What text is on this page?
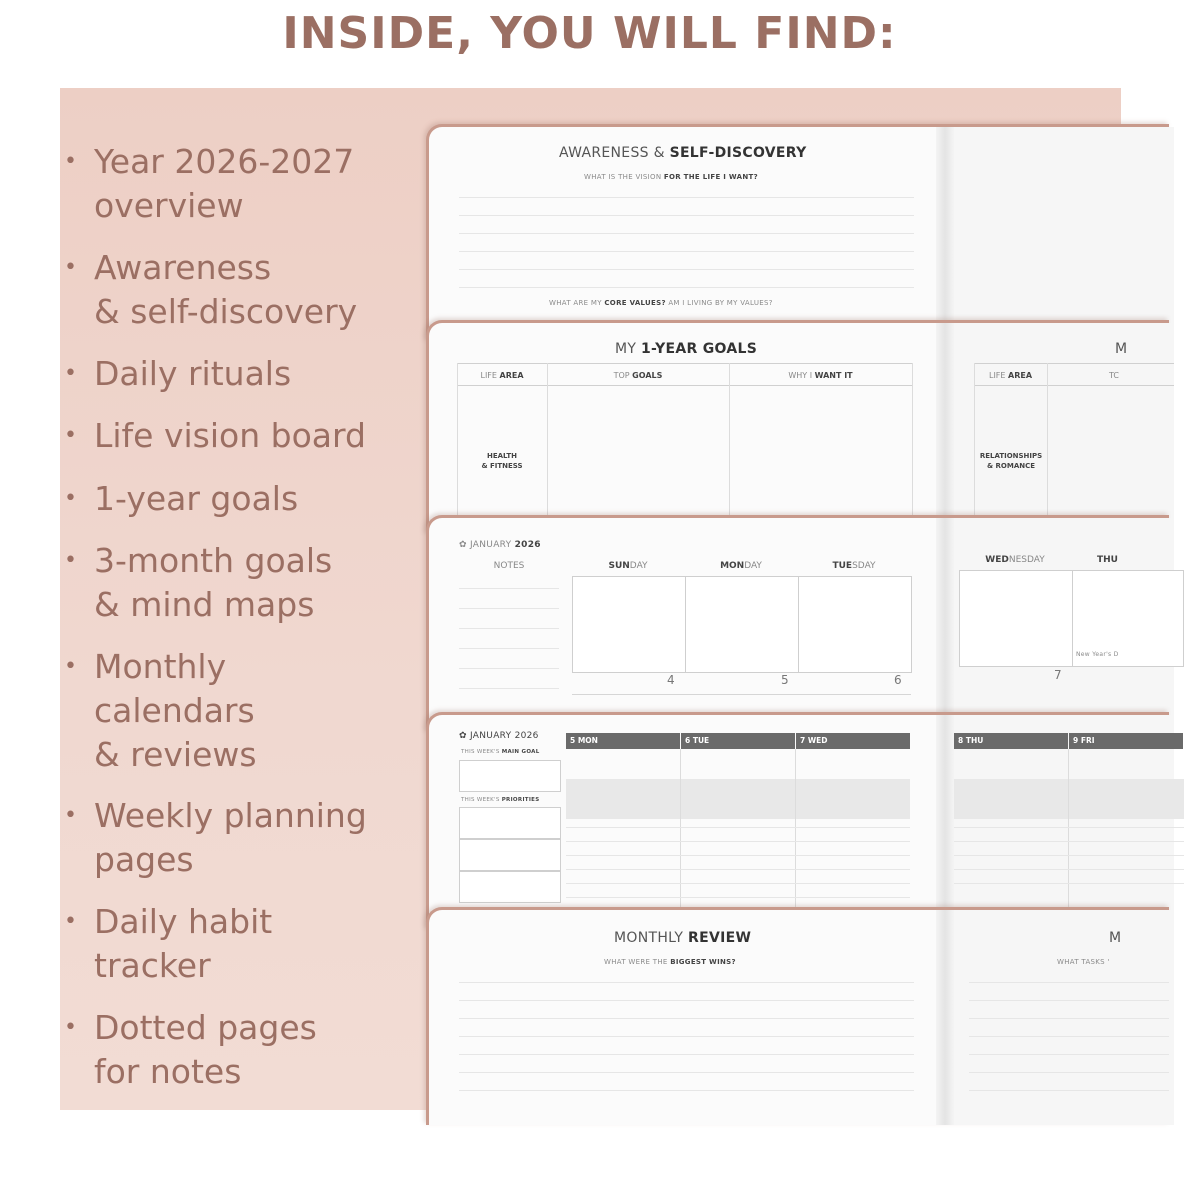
INSIDE, YOU WILL FIND:
• Year 2026-2027
overview
• Awareness
& self-discovery
• Daily rituals
• Life vision board
• 1-year goals
• 3-month goals
& mind maps
• Monthly
calendars
& reviews
• Weekly planning
pages
• Daily habit
tracker
• Dotted pages
for notes
AWARENESS & SELF-DISCOVERY
WHAT IS THE VISION FOR THE LIFE I WANT?
WHAT ARE MY CORE VALUES? AM I LIVING BY MY VALUES?
MY 1-YEAR GOALS	M
LIFE AREA	TOP GOALS	WHY I WANT IT
HEALTH
& FITNESS
LIFE AREA	TC
RELATIONSHIPS
& ROMANCE
✿ JANUARY 2026
NOTES	SUNDAY	MONDAY	TUESDAY
4	5	6
WEDNESDAY	THU
7
New Year's D
✿ JANUARY 2026
THIS WEEK'S MAIN GOAL
THIS WEEK'S PRIORITIES
5 MON	6 TUE	7 WED	8 THU	9 FRI
MONTHLY REVIEW	M
WHAT WERE THE BIGGEST WINS?	WHAT TASKS '
